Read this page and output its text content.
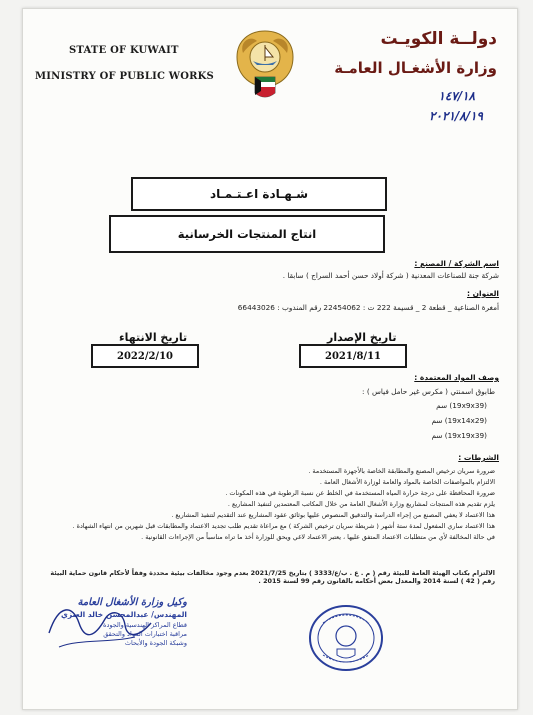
STATE OF KUWAIT
MINISTRY OF PUBLIC WORKS
دولــة الكويـت
وزارة الأشغـال العامـة
١٤٧/١٨
٢٠٢١/٨/١٩
شـهـادة اعـتـمـاد
انتاج المنتجات الخرسانية
اسم الشركة / المصنع :
شركة جنة للصناعات المعدنية ( شركة أولاد حسن أحمد السراج ) سابقا .
العنوان :
أمغرة الصناعية _ قطعة 2 _ قسيمة 222 ت : 22454062 رقم المندوب : 66443026
تاريخ الانتهاء
2022/2/10
تاريخ الإصدار
2021/8/11
وصف المواد المعتمدة :
طابوق اسمنتي ( مكرس غير حامل فياس ) :
(19x9x39) سم
(19x14x29) سم
(19x19x39) سم
الشرطات :
ضرورة سريان ترخيص المصنع والمطابقة الخاصة بالأجهزة المستخدمة .
الالتزام بالمواصفات الخاصة بالمواد والعامة لوزارة الأشغال العامة .
ضرورة المحافظة على درجة حرارة المياه المستخدمة في الخلط عن نسبة الرطوبة في هذه المكونات .
يلزم تقديم هذه المنتجات لمشاريع وزارة الأشغال العامة من خلال المكاتب المعتمدين لتنفيذ المشاريع .
هذا الاعتماد لا يعفي المصنع من إجراء الدراسة والتدقيق المنصوص عليها بوثائق عقود المشاريع عند التقديم لتنفيذ المشاريع .
هذا الاعتماد ساري المفعول لمدة ستة أشهر ( شريطة سريان ترخيص الشركة ) مع مراعاة تقديم طلب تجديد الاعتماد والمطابقات قبل شهرين من انتهاء الشهادة .
في حالة المخالفة لأي من متطلبات الاعتماد المتفق عليها ، يعتبر الاعتماد لاغي ويحق للوزارة أخذ ما تراه مناسباً من الإجراءات القانونية .
الالتزام بكتاب الهيئة العامة للبيئة رقم ( م . ع . ب/ع/3333 ) بتاريخ 2021/7/25 بعدم وجود مخالفات بيئية محددة وفقاً لأحكام قانون حماية البيئة رقم ( 42 ) لسنة 2014 والمعدل بعض أحكامه بالقانون رقم 99 لسنة 2015 .
وكيل وزارة الأشغال العامة
المهندس/ عبدالمحسن خالد العنزي
قطاع المراكز الهندسية والجودة
مراقبة اختبارات المواد والتحقق
وشبكة الجودة والأبحاث
